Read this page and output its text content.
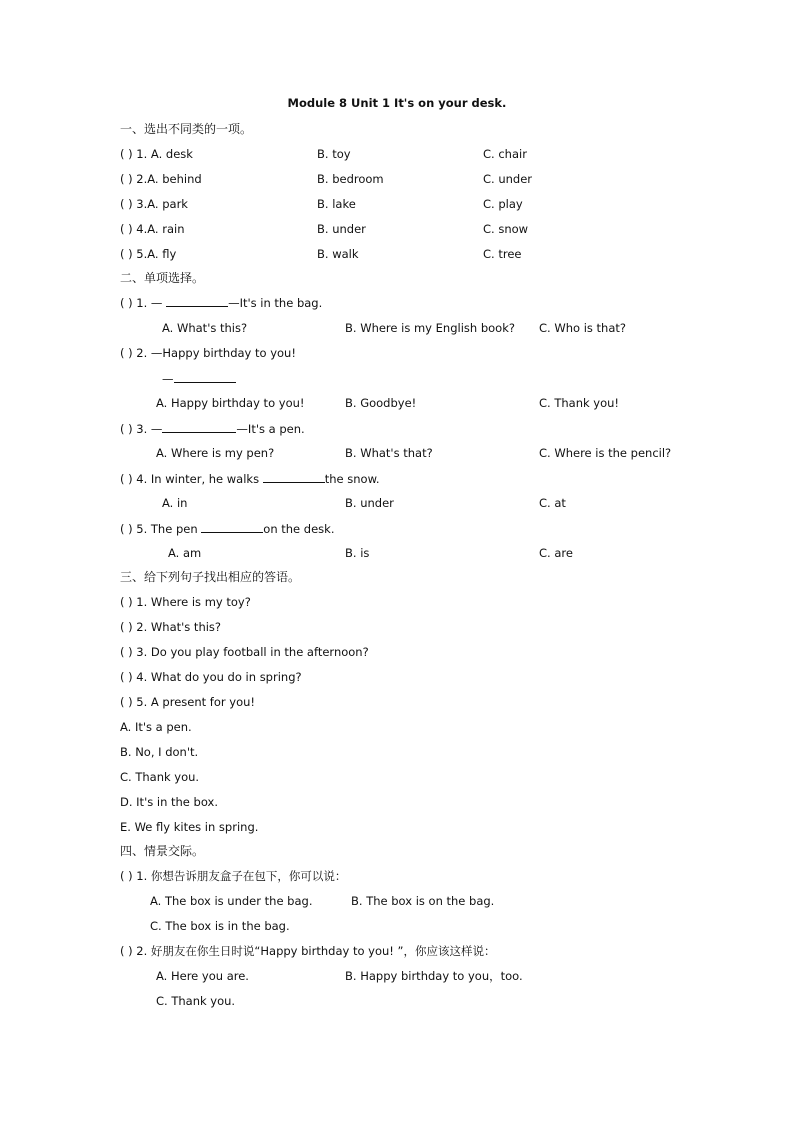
Module 8 Unit 1 It's on your desk.
一、选出不同类的一项。
( ) 1. A. desk	B. toy	C. chair
( ) 2.A. behind	B. bedroom	C. under
( ) 3.A. park	B. lake	C. play
( ) 4.A. rain	B. under	C. snow
( ) 5.A. fly	B. walk	C. tree
二、单项选择。
( ) 1. —	—It's in the bag.
A. What's this?	B. Where is my English book? C. Who is that?
( ) 2. —Happy birthday to you!
—
A. Happy birthday to you!	B. Goodbye!	C. Thank you!
( ) 3. —	—It's a pen.
A. Where is my pen?	B. What's that?	C. Where is the pencil?
( ) 4. In winter, he walks	the snow.
A. in	B. under	C. at
( ) 5. The pen	on the desk.
A. am	B. is	C. are
三、给下列句子找出相应的答语。
( ) 1. Where is my toy?
( ) 2. What's this?
( ) 3. Do you play football in the afternoon?
( ) 4. What do you do in spring?
( ) 5. A present for you!
A. It's a pen.
B. No, I don't.
C. Thank you.
D. It's in the box.
E. We fly kites in spring.
四、情景交际。
( ) 1. 你想告诉朋友盒子在包下，你可以说：
A. The box is under the bag.	B. The box is on the bag.
C. The box is in the bag.
( ) 2. 好朋友在你生日时说“Happy birthday to you! ”，你应该这样说：
A. Here you are.	B. Happy birthday to you，too.
C. Thank you.
